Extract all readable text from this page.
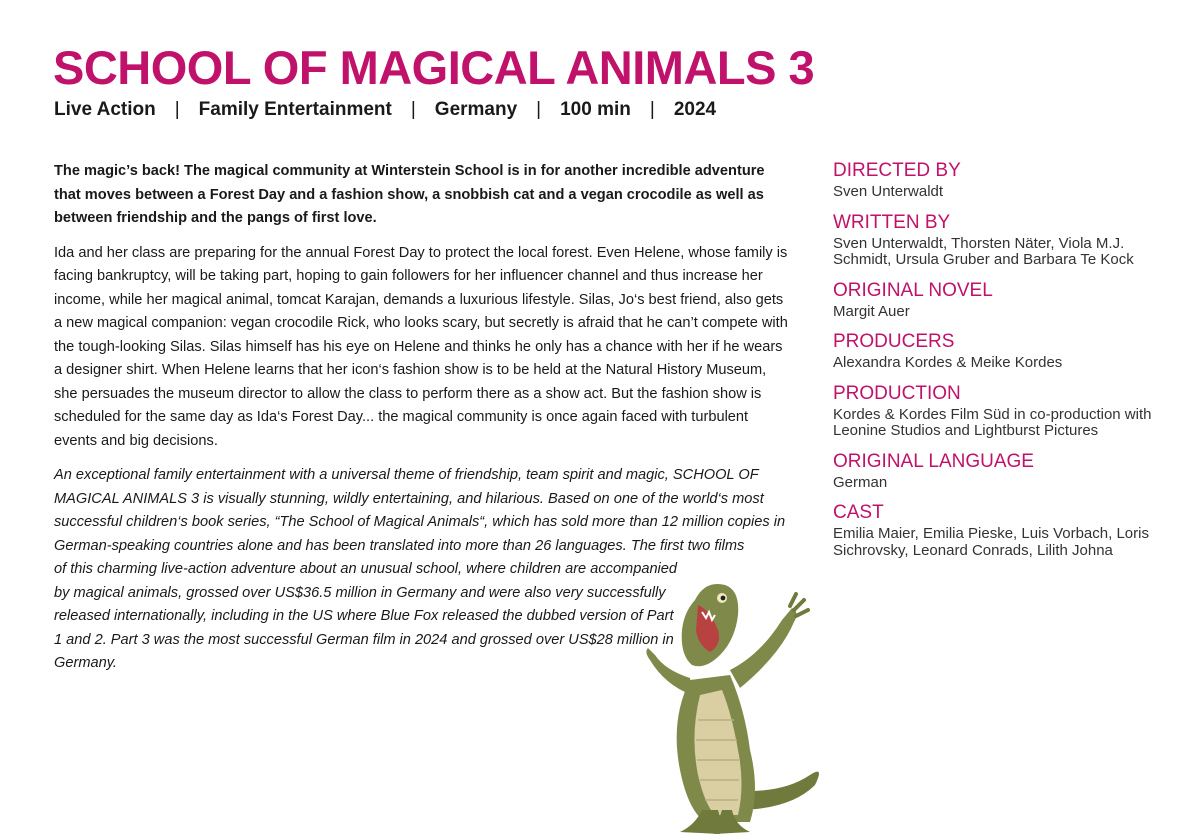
SCHOOL OF MAGICAL ANIMALS 3
Live Action | Family Entertainment | Germany | 100 min | 2024

The magic’s back! The magical community at Winterstein School is in for another incredible adventure that moves between a Forest Day and a fashion show, a snobbish cat and a vegan crocodile as well as between friendship and the pangs of first love.

Ida and her class are preparing for the annual Forest Day to protect the local forest. Even Helene, whose family is facing bankruptcy, will be taking part, hoping to gain followers for her influencer channel and thus increase her income, while her magical animal, tomcat Karajan, demands a luxurious lifestyle. Silas, Jo‘s best friend, also gets a new magical companion: vegan crocodile Rick, who looks scary, but secretly is afraid that he can’t compete with the tough-looking Silas. Silas himself has his eye on Helene and thinks he only has a chance with her if he wears a designer shirt. When Helene learns that her icon‘s fashion show is to be held at the Natural History Museum, she persuades the museum director to allow the class to perform there as a show act. But the fashion show is scheduled for the same day as Ida‘s Forest Day... the magical community is once again faced with turbulent events and big decisions.

An exceptional family entertainment with a universal theme of friendship, team spirit and magic, SCHOOL OF MAGICAL ANIMALS 3 is visually stunning, wildly entertaining, and hilarious. Based on one of the world‘s most successful children‘s book series, “The School of Magical Animals“, which has sold more than 12 million copies in German-speaking countries alone and has been translated into more than 26 languages. The first two films

of this charming live-action adventure about an unusual school, where children are accompanied by magical animals, grossed over US$36.5 million in Germany and were also very successfully released internationally, including in the US where Blue Fox released the dubbed version of Part 1 and 2. Part 3 was the most successful German film in 2024 and grossed over US$28 million in Germany.

DIRECTED BY

Sven Unterwaldt

WRITTEN BY

Sven Unterwaldt, Thorsten Näter, Viola M.J. Schmidt, Ursula Gruber and Barbara Te Kock

ORIGINAL NOVEL

Margit Auer

PRODUCERS

Alexandra Kordes & Meike Kordes

PRODUCTION

Kordes & Kordes Film Süd in co-production with Leonine Studios and Lightburst Pictures

ORIGINAL LANGUAGE

German

CAST

Emilia Maier, Emilia Pieske, Luis Vorbach, Loris Sichrovsky, Leonard Conrads, Lilith Johna
